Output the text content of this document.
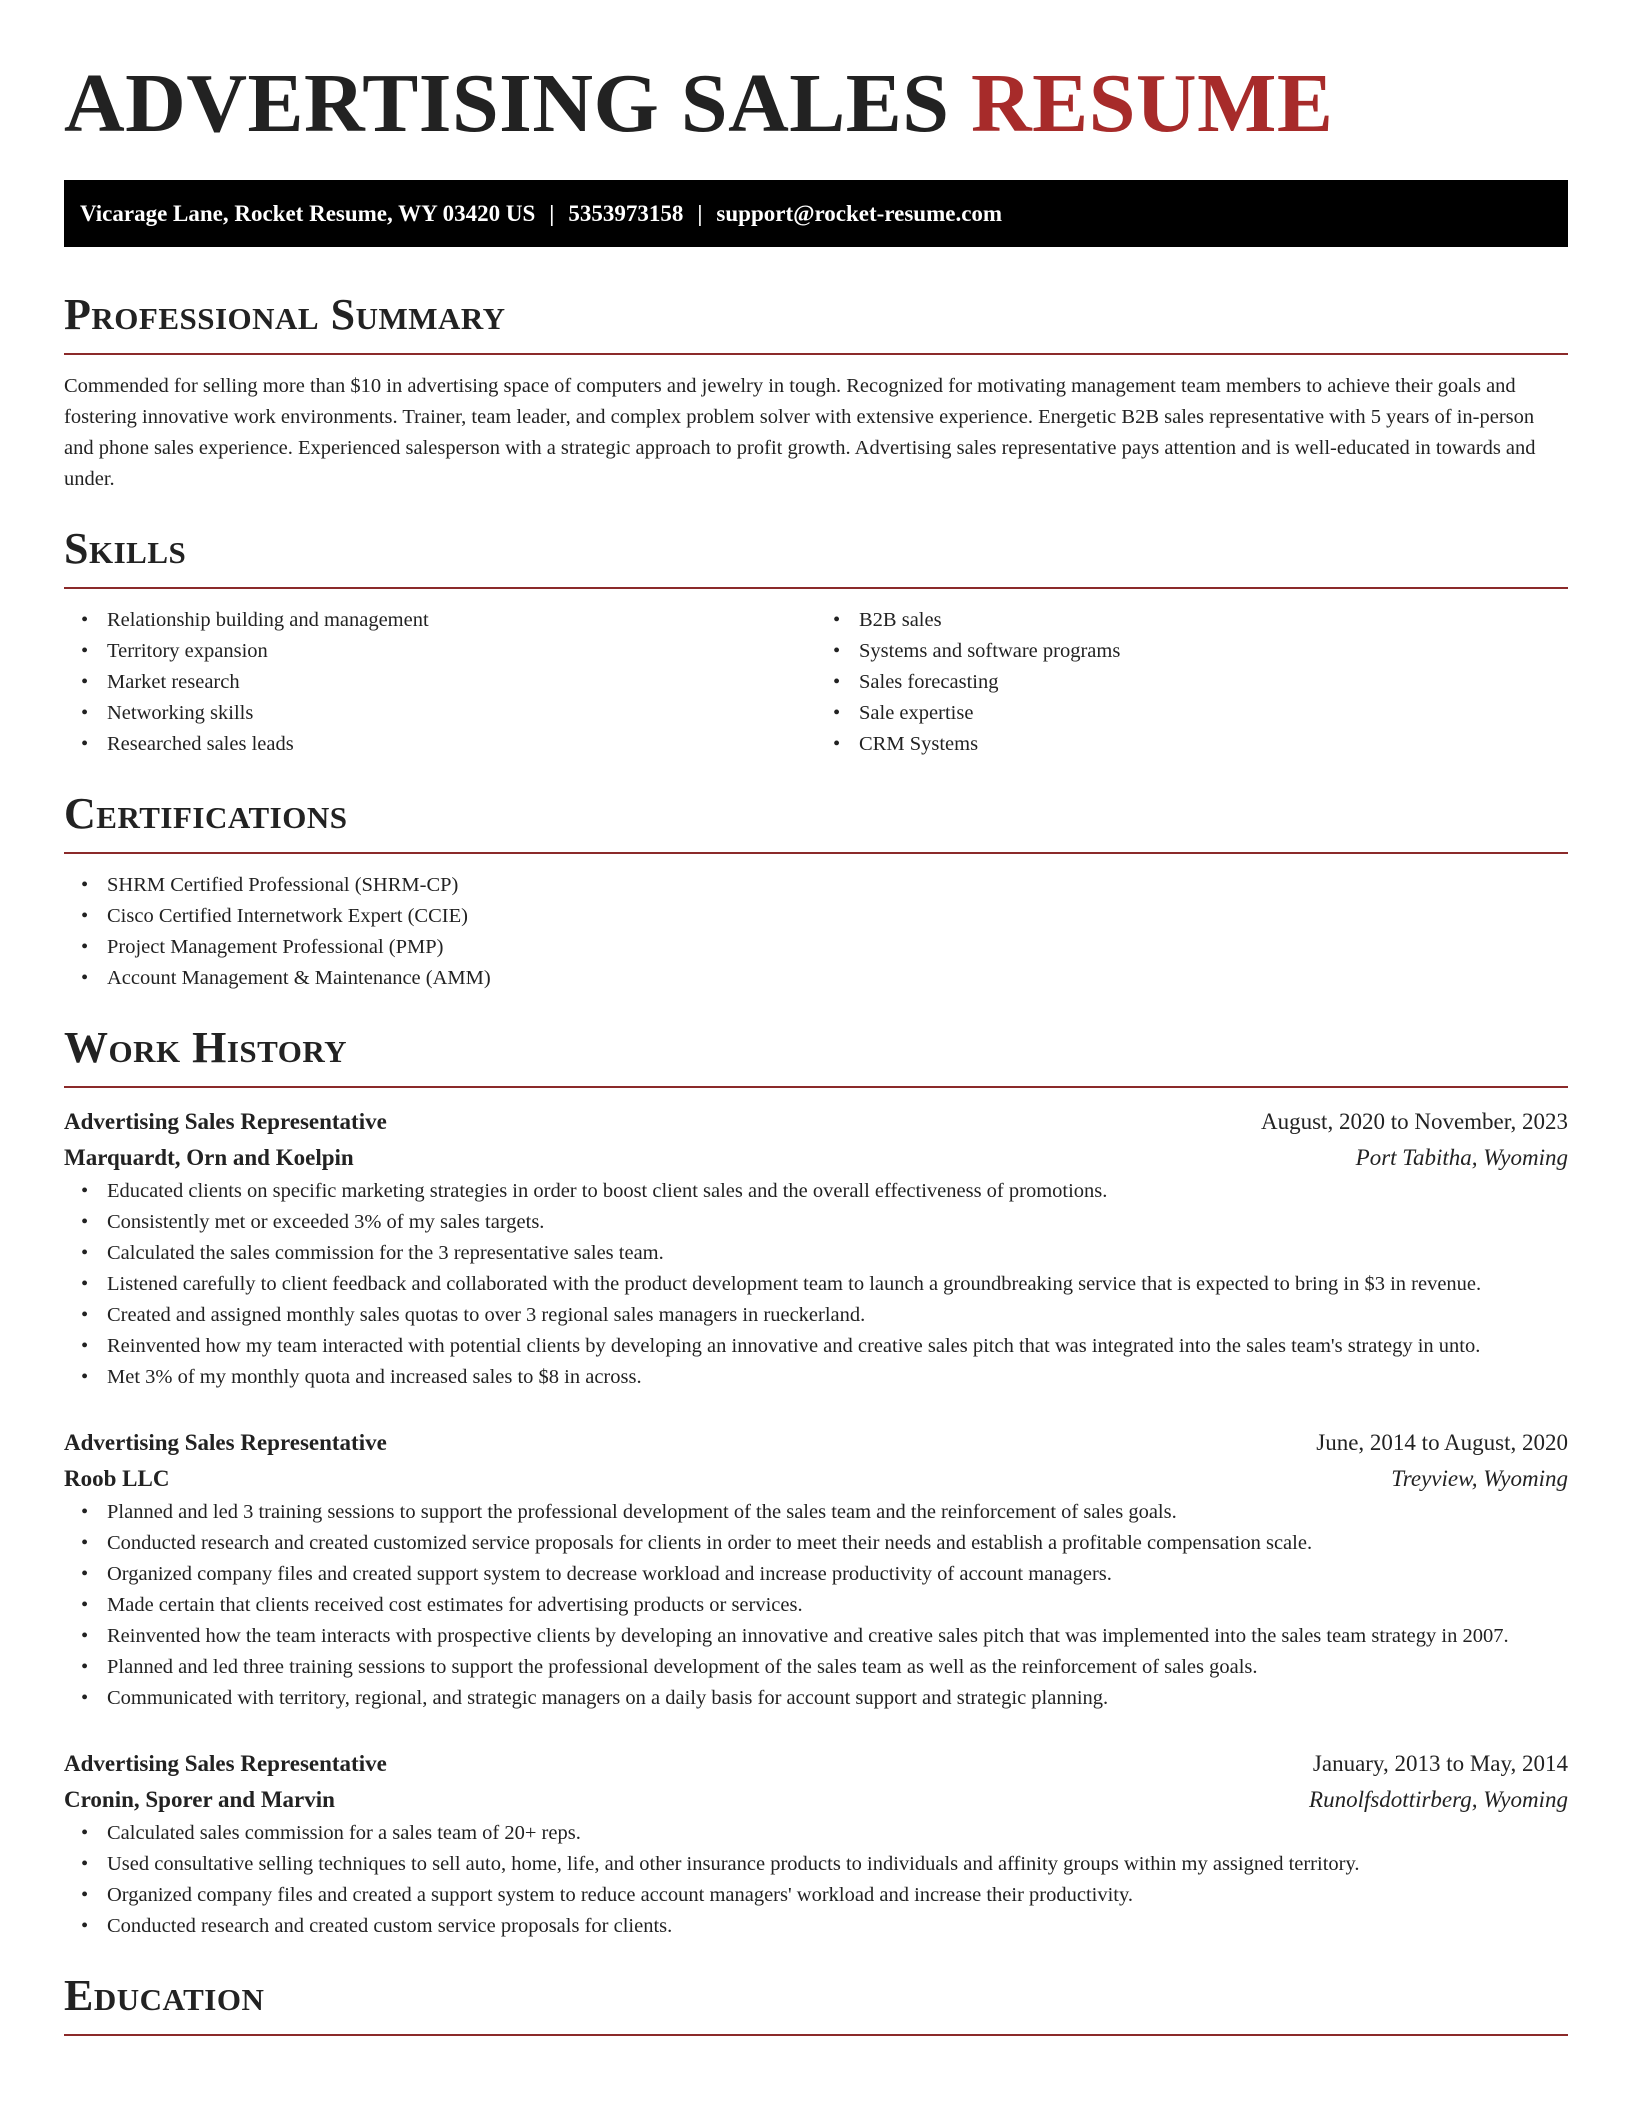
ADVERTISING SALES RESUME
Vicarage Lane, Rocket Resume, WY 03420 US | 5353973158 | support@rocket-resume.com
Professional Summary

Commended for selling more than $10 in advertising space of computers and jewelry in tough. Recognized for motivating management team members to achieve their goals and fostering innovative work environments. Trainer, team leader, and complex problem solver with extensive experience. Energetic B2B sales representative with 5 years of in-person and phone sales experience. Experienced salesperson with a strategic approach to profit growth. Advertising sales representative pays attention and is well-educated in towards and under.

Skills
• Relationship building and management
• Territory expansion
• Market research
• Networking skills
• Researched sales leads
• B2B sales
• Systems and software programs
• Sales forecasting
• Sale expertise
• CRM Systems
Certifications
• SHRM Certified Professional (SHRM-CP)
• Cisco Certified Internetwork Expert (CCIE)
• Project Management Professional (PMP)
• Account Management & Maintenance (AMM)
Work History
Advertising Sales Representative	August, 2020 to November, 2023
Marquardt, Orn and Koelpin	Port Tabitha, Wyoming
• Educated clients on specific marketing strategies in order to boost client sales and the overall effectiveness of promotions.
• Consistently met or exceeded 3% of my sales targets.
• Calculated the sales commission for the 3 representative sales team.
• Listened carefully to client feedback and collaborated with the product development team to launch a groundbreaking service that is expected to bring in $3 in revenue.
• Created and assigned monthly sales quotas to over 3 regional sales managers in rueckerland.
• Reinvented how my team interacted with potential clients by developing an innovative and creative sales pitch that was integrated into the sales team's strategy in unto.
• Met 3% of my monthly quota and increased sales to $8 in across.
Advertising Sales Representative	June, 2014 to August, 2020
Roob LLC	Treyview, Wyoming
• Planned and led 3 training sessions to support the professional development of the sales team and the reinforcement of sales goals.
• Conducted research and created customized service proposals for clients in order to meet their needs and establish a profitable compensation scale.
• Organized company files and created support system to decrease workload and increase productivity of account managers.
• Made certain that clients received cost estimates for advertising products or services.
• Reinvented how the team interacts with prospective clients by developing an innovative and creative sales pitch that was implemented into the sales team strategy in 2007.
• Planned and led three training sessions to support the professional development of the sales team as well as the reinforcement of sales goals.
• Communicated with territory, regional, and strategic managers on a daily basis for account support and strategic planning.
Advertising Sales Representative	January, 2013 to May, 2014
Cronin, Sporer and Marvin	Runolfsdottirberg, Wyoming
• Calculated sales commission for a sales team of 20+ reps.
• Used consultative selling techniques to sell auto, home, life, and other insurance products to individuals and affinity groups within my assigned territory.
• Organized company files and created a support system to reduce account managers' workload and increase their productivity.
• Conducted research and created custom service proposals for clients.
Education
